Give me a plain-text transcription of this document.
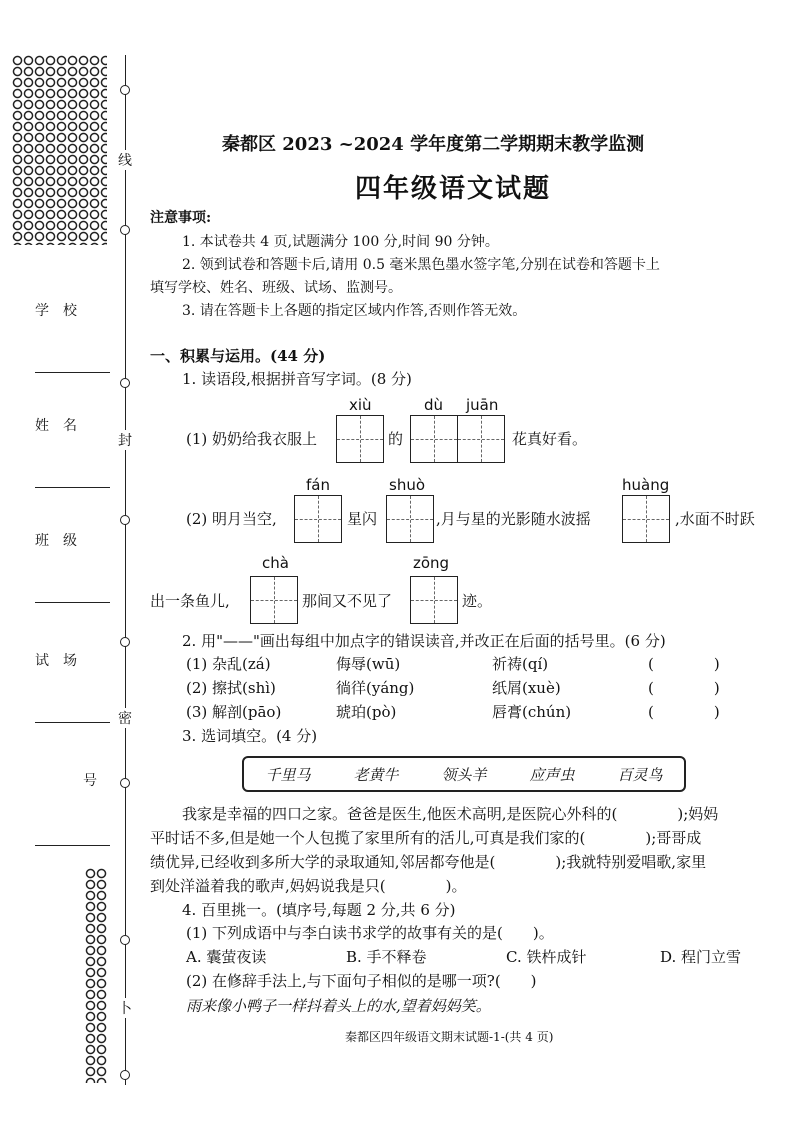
线
封
密
卜
学　校
姓　名
班　级
试　场
号
秦都区 2023 ~2024 学年度第二学期期末教学监测
四年级语文试题
注意事项:
1. 本试卷共 4 页,试题满分 100 分,时间 90 分钟。
2. 领到试卷和答题卡后,请用 0.5 毫米黑色墨水签字笔,分别在试卷和答题卡上
填写学校、姓名、班级、试场、监测号。
3. 请在答题卡上各题的指定区域内作答,否则作答无效。
一、积累与运用。(44 分)
1. 读语段,根据拼音写字词。(8 分)
xiù	dù juān
(1) 奶奶给我衣服上	的	花真好看。
fán	shuò	huàng
(2) 明月当空,	星闪	,月与星的光影随水波摇	,水面不时跃
chà	zōng
出一条鱼儿,	那间又不见了	迹。
2. 用"——"画出每组中加点字的错误读音,并改正在后面的括号里。(6 分)
(1) 杂乱(zá)	侮辱(wū)	祈祷(qí)	(　　　　)
(2) 擦拭(shì)	徜徉(yáng)	纸屑(xuè)	(　　　　)
(3) 解剖(pāo)	琥珀(pò)	唇膏(chún)	(　　　　)
3. 选词填空。(4 分)
千里马	老黄牛	领头羊	应声虫	百灵鸟
我家是幸福的四口之家。爸爸是医生,他医术高明,是医院心外科的(　　　　);妈妈
平时话不多,但是她一个人包揽了家里所有的活儿,可真是我们家的(　　　　);哥哥成
绩优异,已经收到多所大学的录取通知,邻居都夸他是(　　　　);我就特别爱唱歌,家里
到处洋溢着我的歌声,妈妈说我是只(　　　　)。
4. 百里挑一。(填序号,每题 2 分,共 6 分)
(1) 下列成语中与李白读书求学的故事有关的是(　　)。
A. 囊萤夜读	B. 手不释卷	C. 铁杵成针	D. 程门立雪
(2) 在修辞手法上,与下面句子相似的是哪一项?(　　)
雨来像小鸭子一样抖着头上的水,望着妈妈笑。
秦都区四年级语文期末试题-1-(共 4 页)
